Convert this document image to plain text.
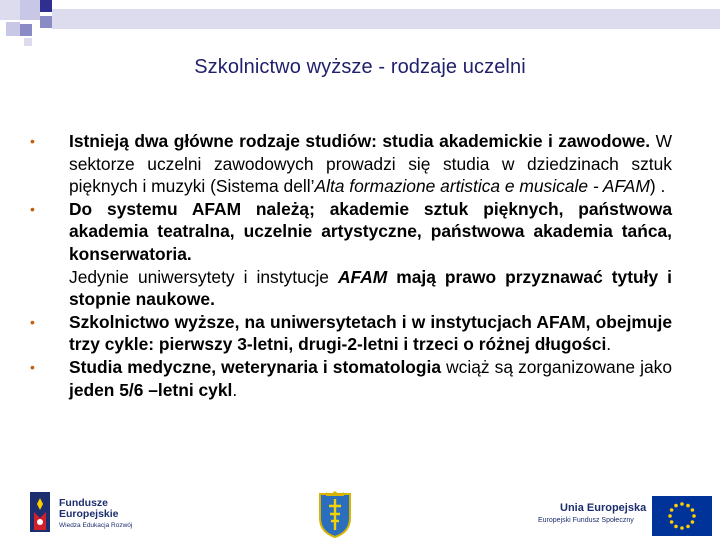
Szkolnictwo wyższe - rodzaje uczelni
• Istnieją dwa główne rodzaje studiów: studia akademickie i zawodowe. W sektorze uczelni zawodowych prowadzi się studia w dziedzinach sztuk pięknych i muzyki (Sistema dell’Alta formazione artistica e musicale - AFAM) .

• Do systemu AFAM należą; akademie sztuk pięknych, państwowa akademia teatralna, uczelnie artystyczne, państwowa akademia tańca, konserwatoria.

Jedynie uniwersytety i instytucje AFAM mają prawo przyznawać tytuły i stopnie naukowe.

• Szkolnictwo wyższe, na uniwersytetach i w instytucjach AFAM, obejmuje trzy cykle: pierwszy 3-letni, drugi-2-letni i trzeci o różnej długości.

• Studia medyczne, weterynaria i stomatologia wciąż są zorganizowane jako jeden 5/6 –letni cykl.

Fundusze
Europejskie
Wiedza Edukacja Rozwój
Unia Europejska
Europejski Fundusz Społeczny
